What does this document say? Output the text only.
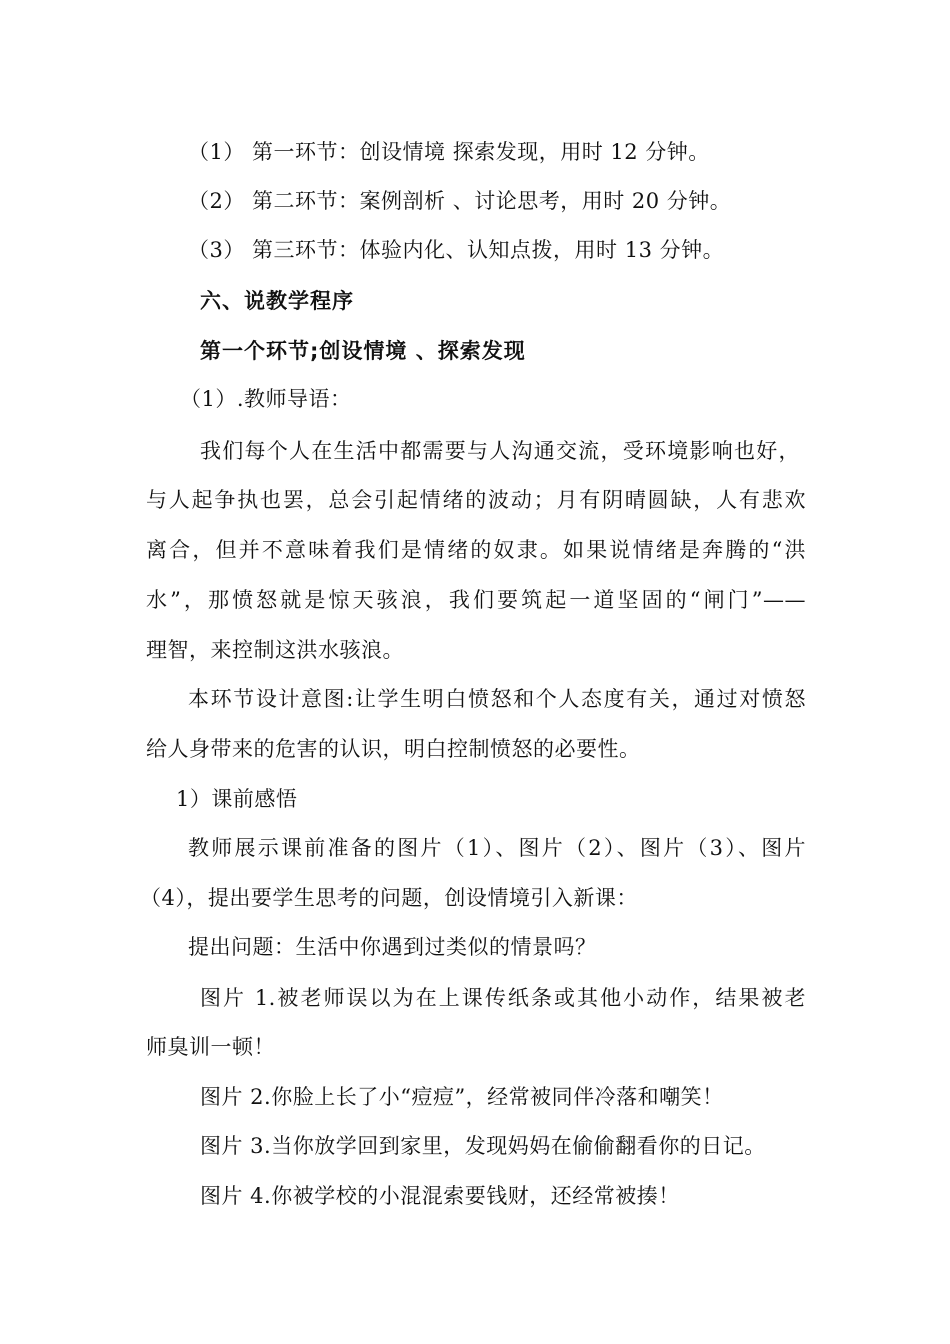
（1） 第一环节：创设情境 探索发现，用时 12 分钟。
（2） 第二环节：案例剖析 、讨论思考，用时 20 分钟。
（3） 第三环节：体验内化、认知点拨，用时 13 分钟。
六、说教学程序
第一个环节;创设情境 、探索发现
（1）.教师导语：
我们每个人在生活中都需要与人沟通交流，受环境影响也好，
与人起争执也罢，总会引起情绪的波动；月有阴晴圆缺，人有悲欢
离合，但并不意味着我们是情绪的奴隶。如果说情绪是奔腾的“洪
水”，那愤怒就是惊天骇浪，我们要筑起一道坚固的“闸门”——
理智，来控制这洪水骇浪。
本环节设计意图:让学生明白愤怒和个人态度有关，通过对愤怒
给人身带来的危害的认识，明白控制愤怒的必要性。
1）课前感悟
教师展示课前准备的图片（1）、图片（2）、图片（3）、图片
（4），提出要学生思考的问题，创设情境引入新课：
提出问题：生活中你遇到过类似的情景吗？
图片 1.被老师误以为在上课传纸条或其他小动作，结果被老
师臭训一顿！
图片 2.你脸上长了小“痘痘”，经常被同伴冷落和嘲笑！
图片 3.当你放学回到家里，发现妈妈在偷偷翻看你的日记。
图片 4.你被学校的小混混索要钱财，还经常被揍！
